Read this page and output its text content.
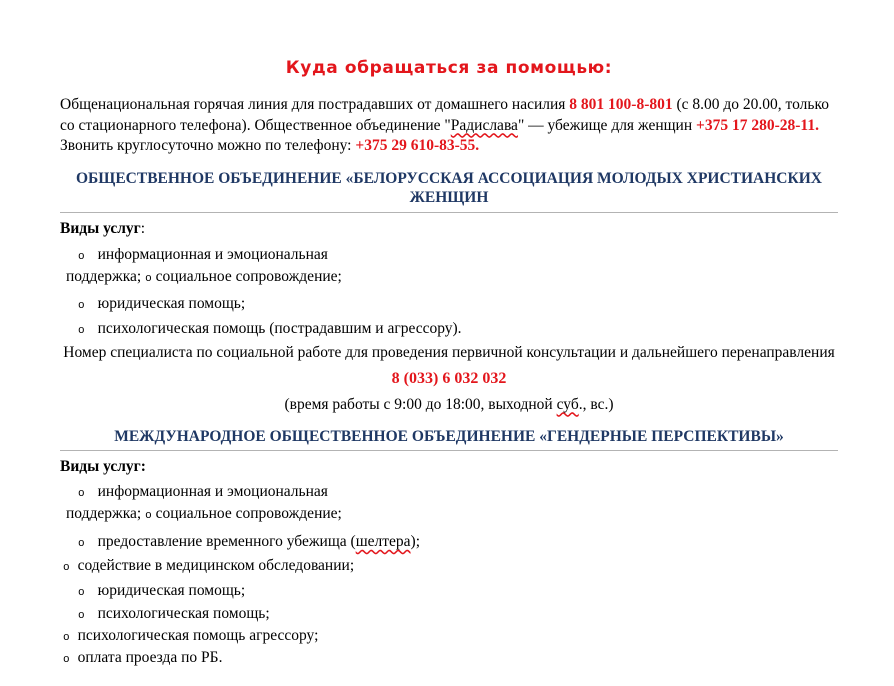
Куда обращаться за помощью:
Общенациональная горячая линия для пострадавших от домашнего насилия 8 801 100-8-801 (с 8.00 до 20.00, только со стационарного телефона). Общественное объединение "Радислава" — убежище для женщин +375 17 280-28-11. Звонить круглосуточно можно по телефону: +375 29 610-83-55.
ОБЩЕСТВЕННОЕ ОБЪЕДИНЕНИЕ «БЕЛОРУССКАЯ АССОЦИАЦИЯ МОЛОДЫХ ХРИСТИАНСКИХ ЖЕНЩИН
Виды услуг:
o информационная и эмоциональная
поддержка; o социальное сопровождение;
o юридическая помощь;
o психологическая помощь (пострадавшим и агрессору).
Номер специалиста по социальной работе для проведения первичной консультации и дальнейшего перенаправления
8 (033) 6 032 032
(время работы с 9:00 до 18:00, выходной суб., вс.)
МЕЖДУНАРОДНОЕ ОБЩЕСТВЕННОЕ ОБЪЕДИНЕНИЕ «ГЕНДЕРНЫЕ ПЕРСПЕКТИВЫ»
Виды услуг:
o информационная и эмоциональная
поддержка; o социальное сопровождение;
o предоставление временного убежища (шелтера);
o содействие в медицинском обследовании;
o юридическая помощь;
o психологическая помощь;
o психологическая помощь агрессору;
o оплата проезда по РБ.
